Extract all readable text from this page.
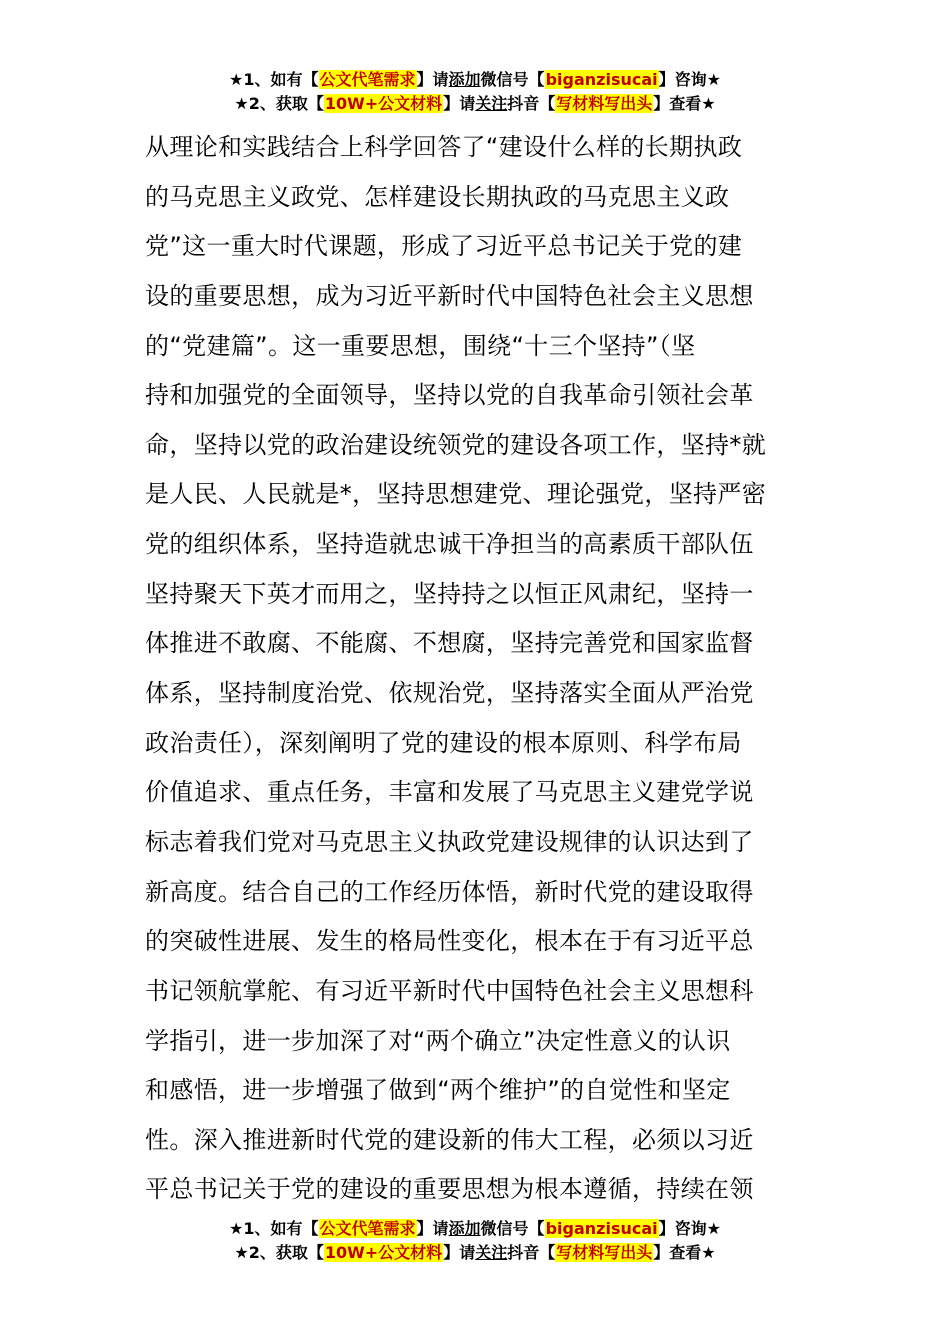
★1、如有【公文代笔需求】请添加微信号【biganzisucai】咨询★
★2、获取【10W+公文材料】请关注抖音【写材料写出头】查看★
从理论和实践结合上科学回答了“建设什么样的长期执政
的马克思主义政党、怎样建设长期执政的马克思主义政
党”这一重大时代课题，形成了习近平总书记关于党的建
设的重要思想，成为习近平新时代中国特色社会主义思想
的“党建篇”。这一重要思想，围绕“十三个坚持”（坚
持和加强党的全面领导，坚持以党的自我革命引领社会革
命，坚持以党的政治建设统领党的建设各项工作，坚持*就
是人民、人民就是*，坚持思想建党、理论强党，坚持严密
党的组织体系，坚持造就忠诚干净担当的高素质干部队伍
坚持聚天下英才而用之，坚持持之以恒正风肃纪，坚持一
体推进不敢腐、不能腐、不想腐，坚持完善党和国家监督
体系，坚持制度治党、依规治党，坚持落实全面从严治党
政治责任），深刻阐明了党的建设的根本原则、科学布局
价值追求、重点任务，丰富和发展了马克思主义建党学说
标志着我们党对马克思主义执政党建设规律的认识达到了
新高度。结合自己的工作经历体悟，新时代党的建设取得
的突破性进展、发生的格局性变化，根本在于有习近平总
书记领航掌舵、有习近平新时代中国特色社会主义思想科
学指引，进一步加深了对“两个确立”决定性意义的认识
和感悟，进一步增强了做到“两个维护”的自觉性和坚定
性。深入推进新时代党的建设新的伟大工程，必须以习近
平总书记关于党的建设的重要思想为根本遵循，持续在领
★1、如有【公文代笔需求】请添加微信号【biganzisucai】咨询★
★2、获取【10W+公文材料】请关注抖音【写材料写出头】查看★
